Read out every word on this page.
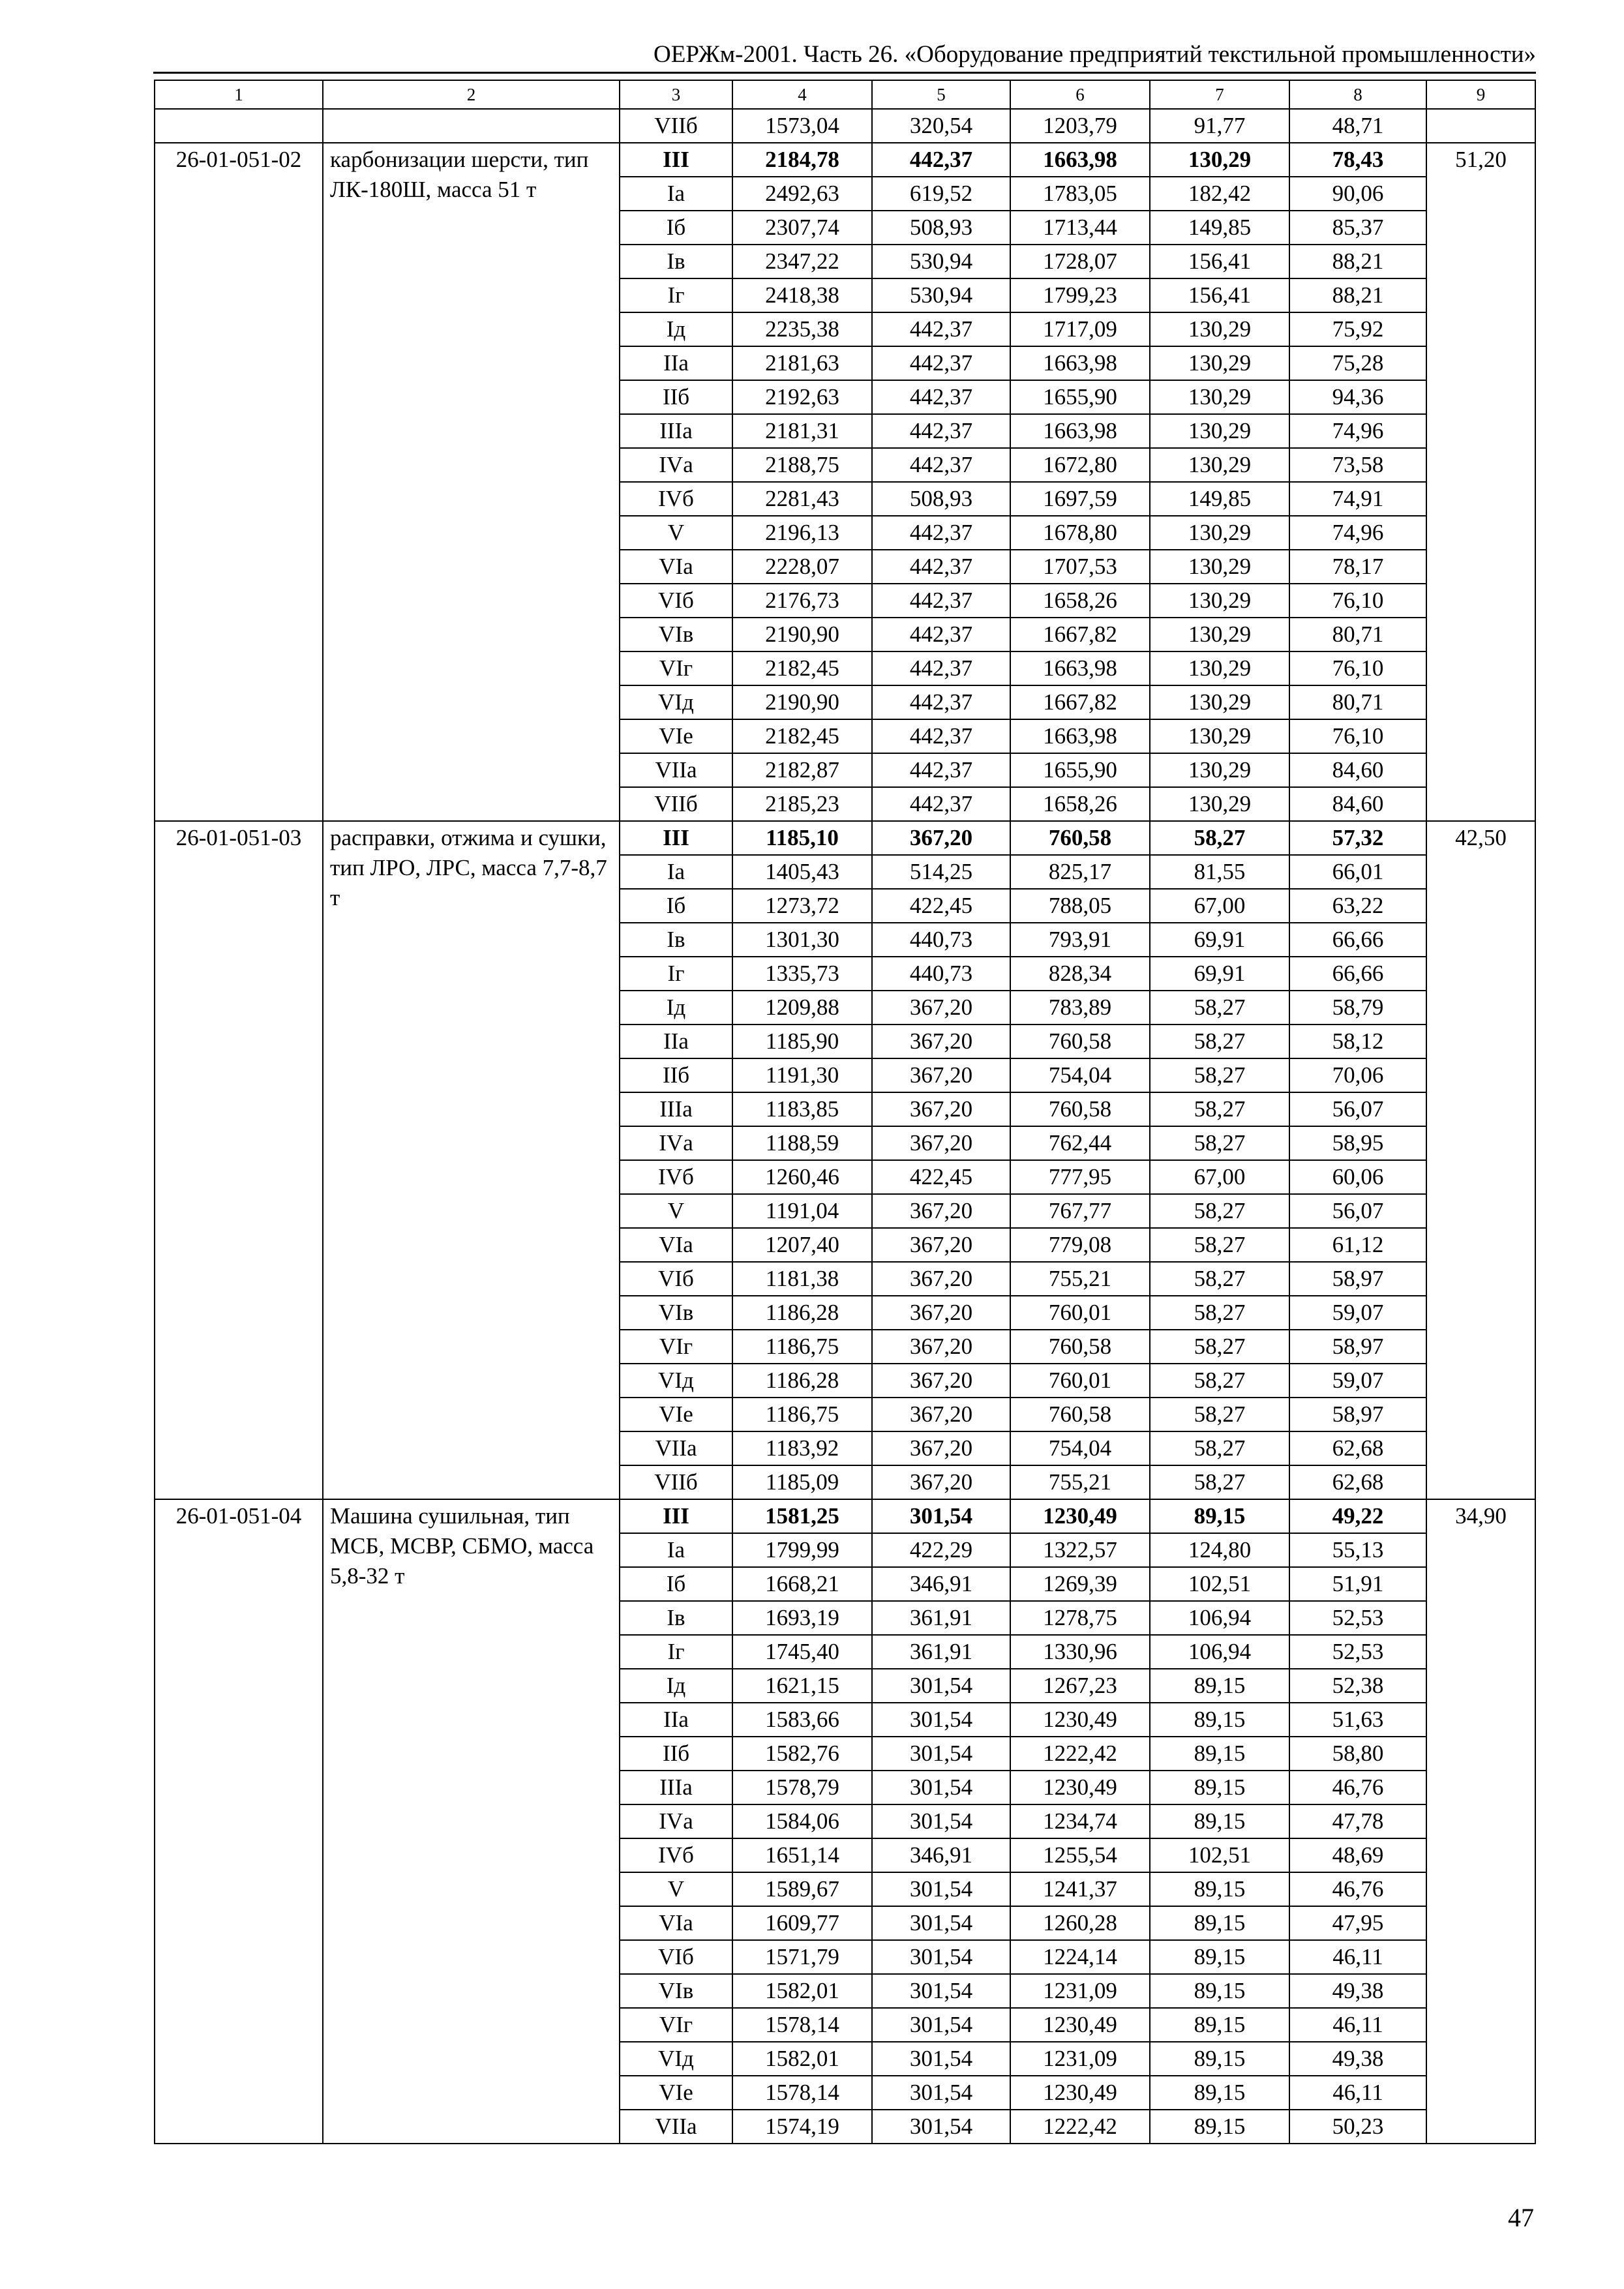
ОЕРЖм-2001. Часть 26. «Оборудование предприятий текстильной промышленности»
1	2	3	4	5	6	7	8	9
		VIIб	1573,04	320,54	1203,79	91,77	48,71	
26-01-051-02	карбонизации шерсти, тип ЛК-180Ш, масса 51 т	III	2184,78	442,37	1663,98	130,29	78,43	51,20
		Iа	2492,63	619,52	1783,05	182,42	90,06	
		Iб	2307,74	508,93	1713,44	149,85	85,37	
		Iв	2347,22	530,94	1728,07	156,41	88,21	
		Iг	2418,38	530,94	1799,23	156,41	88,21	
		Iд	2235,38	442,37	1717,09	130,29	75,92	
		IIа	2181,63	442,37	1663,98	130,29	75,28	
		IIб	2192,63	442,37	1655,90	130,29	94,36	
		IIIа	2181,31	442,37	1663,98	130,29	74,96	
		IVа	2188,75	442,37	1672,80	130,29	73,58	
		IVб	2281,43	508,93	1697,59	149,85	74,91	
		V	2196,13	442,37	1678,80	130,29	74,96	
		VIа	2228,07	442,37	1707,53	130,29	78,17	
		VIб	2176,73	442,37	1658,26	130,29	76,10	
		VIв	2190,90	442,37	1667,82	130,29	80,71	
		VIг	2182,45	442,37	1663,98	130,29	76,10	
		VIд	2190,90	442,37	1667,82	130,29	80,71	
		VIе	2182,45	442,37	1663,98	130,29	76,10	
		VIIа	2182,87	442,37	1655,90	130,29	84,60	
		VIIб	2185,23	442,37	1658,26	130,29	84,60	
26-01-051-03	расправки, отжима и сушки, тип ЛРО, ЛРС, масса 7,7-8,7 т	III	1185,10	367,20	760,58	58,27	57,32	42,50
		Iа	1405,43	514,25	825,17	81,55	66,01	
		Iб	1273,72	422,45	788,05	67,00	63,22	
		Iв	1301,30	440,73	793,91	69,91	66,66	
		Iг	1335,73	440,73	828,34	69,91	66,66	
		Iд	1209,88	367,20	783,89	58,27	58,79	
		IIа	1185,90	367,20	760,58	58,27	58,12	
		IIб	1191,30	367,20	754,04	58,27	70,06	
		IIIа	1183,85	367,20	760,58	58,27	56,07	
		IVа	1188,59	367,20	762,44	58,27	58,95	
		IVб	1260,46	422,45	777,95	67,00	60,06	
		V	1191,04	367,20	767,77	58,27	56,07	
		VIа	1207,40	367,20	779,08	58,27	61,12	
		VIб	1181,38	367,20	755,21	58,27	58,97	
		VIв	1186,28	367,20	760,01	58,27	59,07	
		VIг	1186,75	367,20	760,58	58,27	58,97	
		VIд	1186,28	367,20	760,01	58,27	59,07	
		VIе	1186,75	367,20	760,58	58,27	58,97	
		VIIа	1183,92	367,20	754,04	58,27	62,68	
		VIIб	1185,09	367,20	755,21	58,27	62,68	
26-01-051-04	Машина сушильная, тип МСБ, МСВР, СБМО, масса 5,8-32 т	III	1581,25	301,54	1230,49	89,15	49,22	34,90
		Iа	1799,99	422,29	1322,57	124,80	55,13	
		Iб	1668,21	346,91	1269,39	102,51	51,91	
		Iв	1693,19	361,91	1278,75	106,94	52,53	
		Iг	1745,40	361,91	1330,96	106,94	52,53	
		Iд	1621,15	301,54	1267,23	89,15	52,38	
		IIа	1583,66	301,54	1230,49	89,15	51,63	
		IIб	1582,76	301,54	1222,42	89,15	58,80	
		IIIа	1578,79	301,54	1230,49	89,15	46,76	
		IVа	1584,06	301,54	1234,74	89,15	47,78	
		IVб	1651,14	346,91	1255,54	102,51	48,69	
		V	1589,67	301,54	1241,37	89,15	46,76	
		VIа	1609,77	301,54	1260,28	89,15	47,95	
		VIб	1571,79	301,54	1224,14	89,15	46,11	
		VIв	1582,01	301,54	1231,09	89,15	49,38	
		VIг	1578,14	301,54	1230,49	89,15	46,11	
		VIд	1582,01	301,54	1231,09	89,15	49,38	
		VIе	1578,14	301,54	1230,49	89,15	46,11	
		VIIа	1574,19	301,54	1222,42	89,15	50,23	
47
